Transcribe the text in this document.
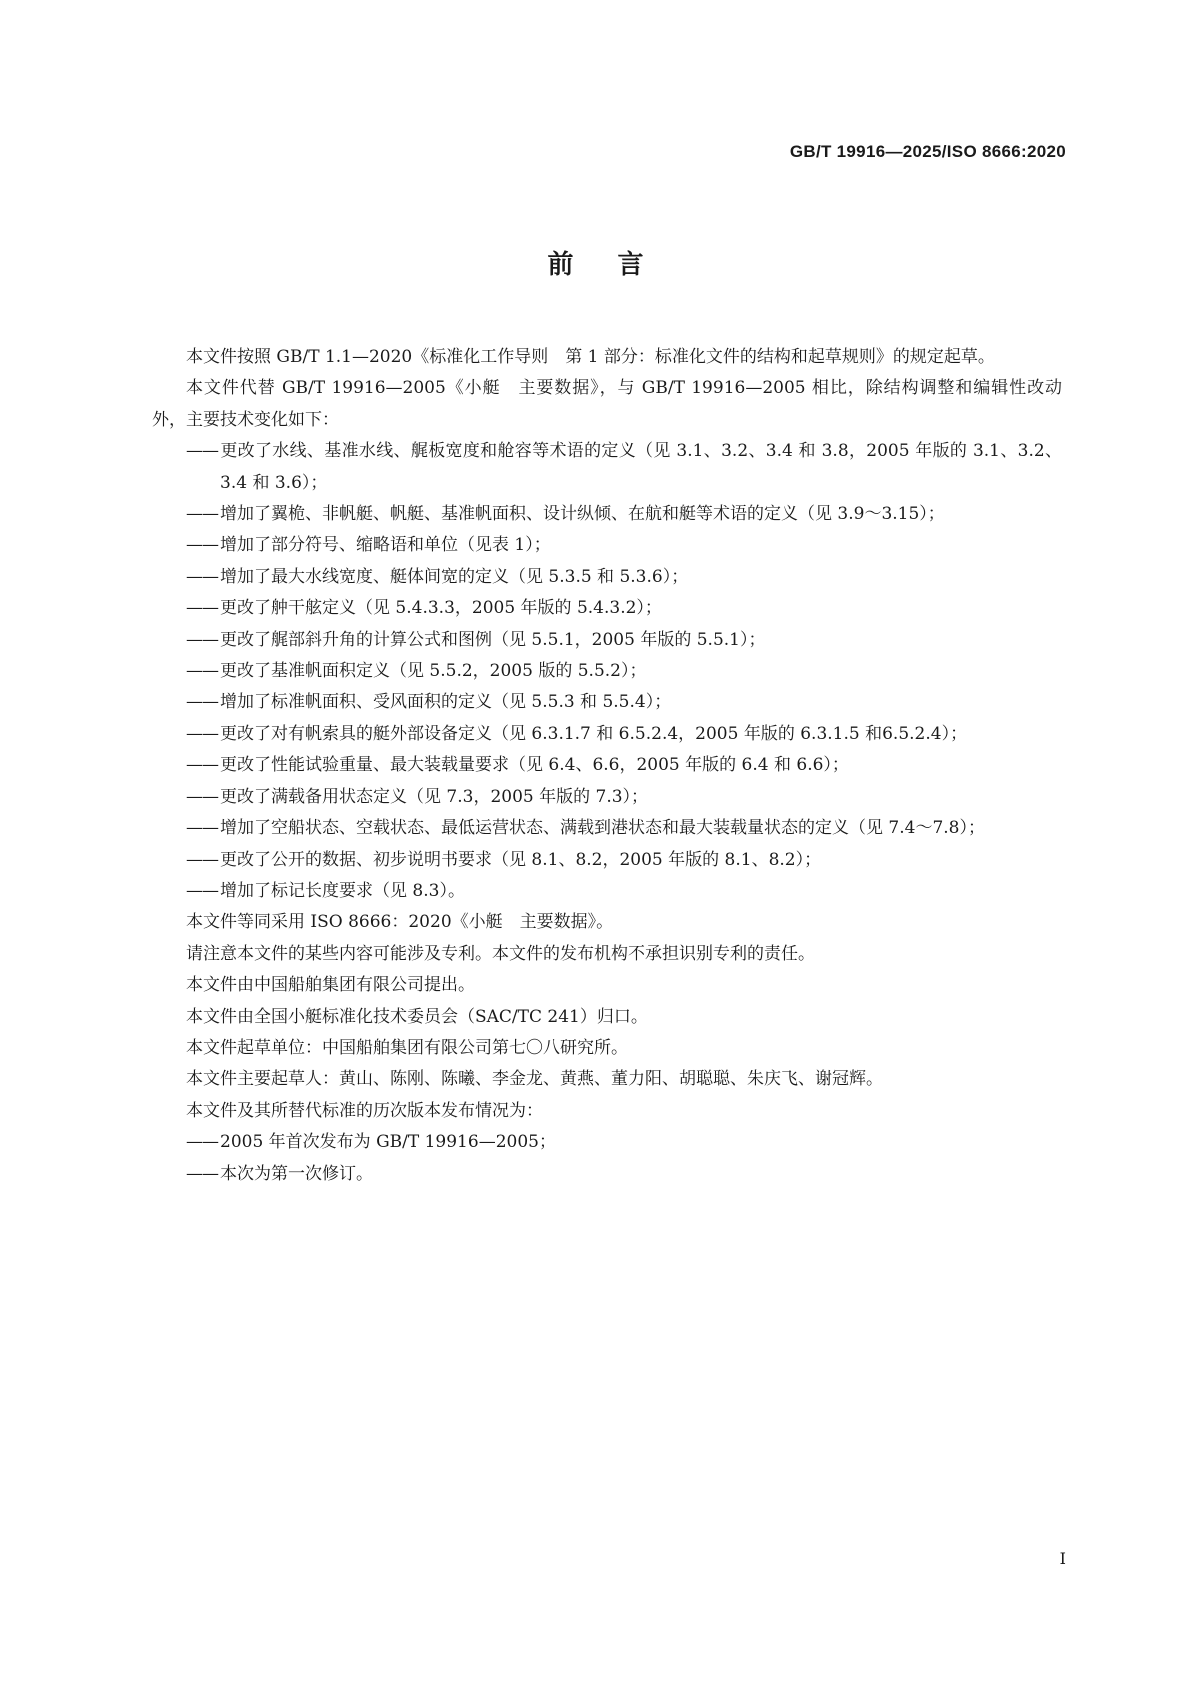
GB/T 19916—2025/ISO 8666:2020
前言

本文件按照 GB/T 1.1—2020《标准化工作导则　第 1 部分：标准化文件的结构和起草规则》的规定起草。

本文件代替 GB/T 19916—2005《小艇　主要数据》，与 GB/T 19916—2005 相比，除结构调整和编辑性改动外，主要技术变化如下：

—— 更改了水线、基准水线、艉板宽度和舱容等术语的定义（见 3.1、3.2、3.4 和 3.8，2005 年版的 3.1、3.2、3.4 和 3.6）；

—— 增加了翼桅、非帆艇、帆艇、基准帆面积、设计纵倾、在航和艇等术语的定义（见 3.9～3.15）；

—— 增加了部分符号、缩略语和单位（见表 1）；

—— 增加了最大水线宽度、艇体间宽的定义（见 5.3.5 和 5.3.6）；

—— 更改了舯干舷定义（见 5.4.3.3，2005 年版的 5.4.3.2）；

—— 更改了艉部斜升角的计算公式和图例（见 5.5.1，2005 年版的 5.5.1）；

—— 更改了基准帆面积定义（见 5.5.2，2005 版的 5.5.2）；

—— 增加了标准帆面积、受风面积的定义（见 5.5.3 和 5.5.4）；

—— 更改了对有帆索具的艇外部设备定义（见 6.3.1.7 和 6.5.2.4，2005 年版的 6.3.1.5 和6.5.2.4）；

—— 更改了性能试验重量、最大装载量要求（见 6.4、6.6，2005 年版的 6.4 和 6.6）；

—— 更改了满载备用状态定义（见 7.3，2005 年版的 7.3）；

—— 增加了空船状态、空载状态、最低运营状态、满载到港状态和最大装载量状态的定义（见 7.4～7.8）；

—— 更改了公开的数据、初步说明书要求（见 8.1、8.2，2005 年版的 8.1、8.2）；

—— 增加了标记长度要求（见 8.3）。

本文件等同采用 ISO 8666：2020《小艇　主要数据》。

请注意本文件的某些内容可能涉及专利。本文件的发布机构不承担识别专利的责任。

本文件由中国船舶集团有限公司提出。

本文件由全国小艇标准化技术委员会（SAC/TC 241）归口。

本文件起草单位：中国船舶集团有限公司第七〇八研究所。

本文件主要起草人：黄山、陈刚、陈曦、李金龙、黄燕、董力阳、胡聪聪、朱庆飞、谢冠辉。

本文件及其所替代标准的历次版本发布情况为：

—— 2005 年首次发布为 GB/T 19916—2005；

—— 本次为第一次修订。

I
